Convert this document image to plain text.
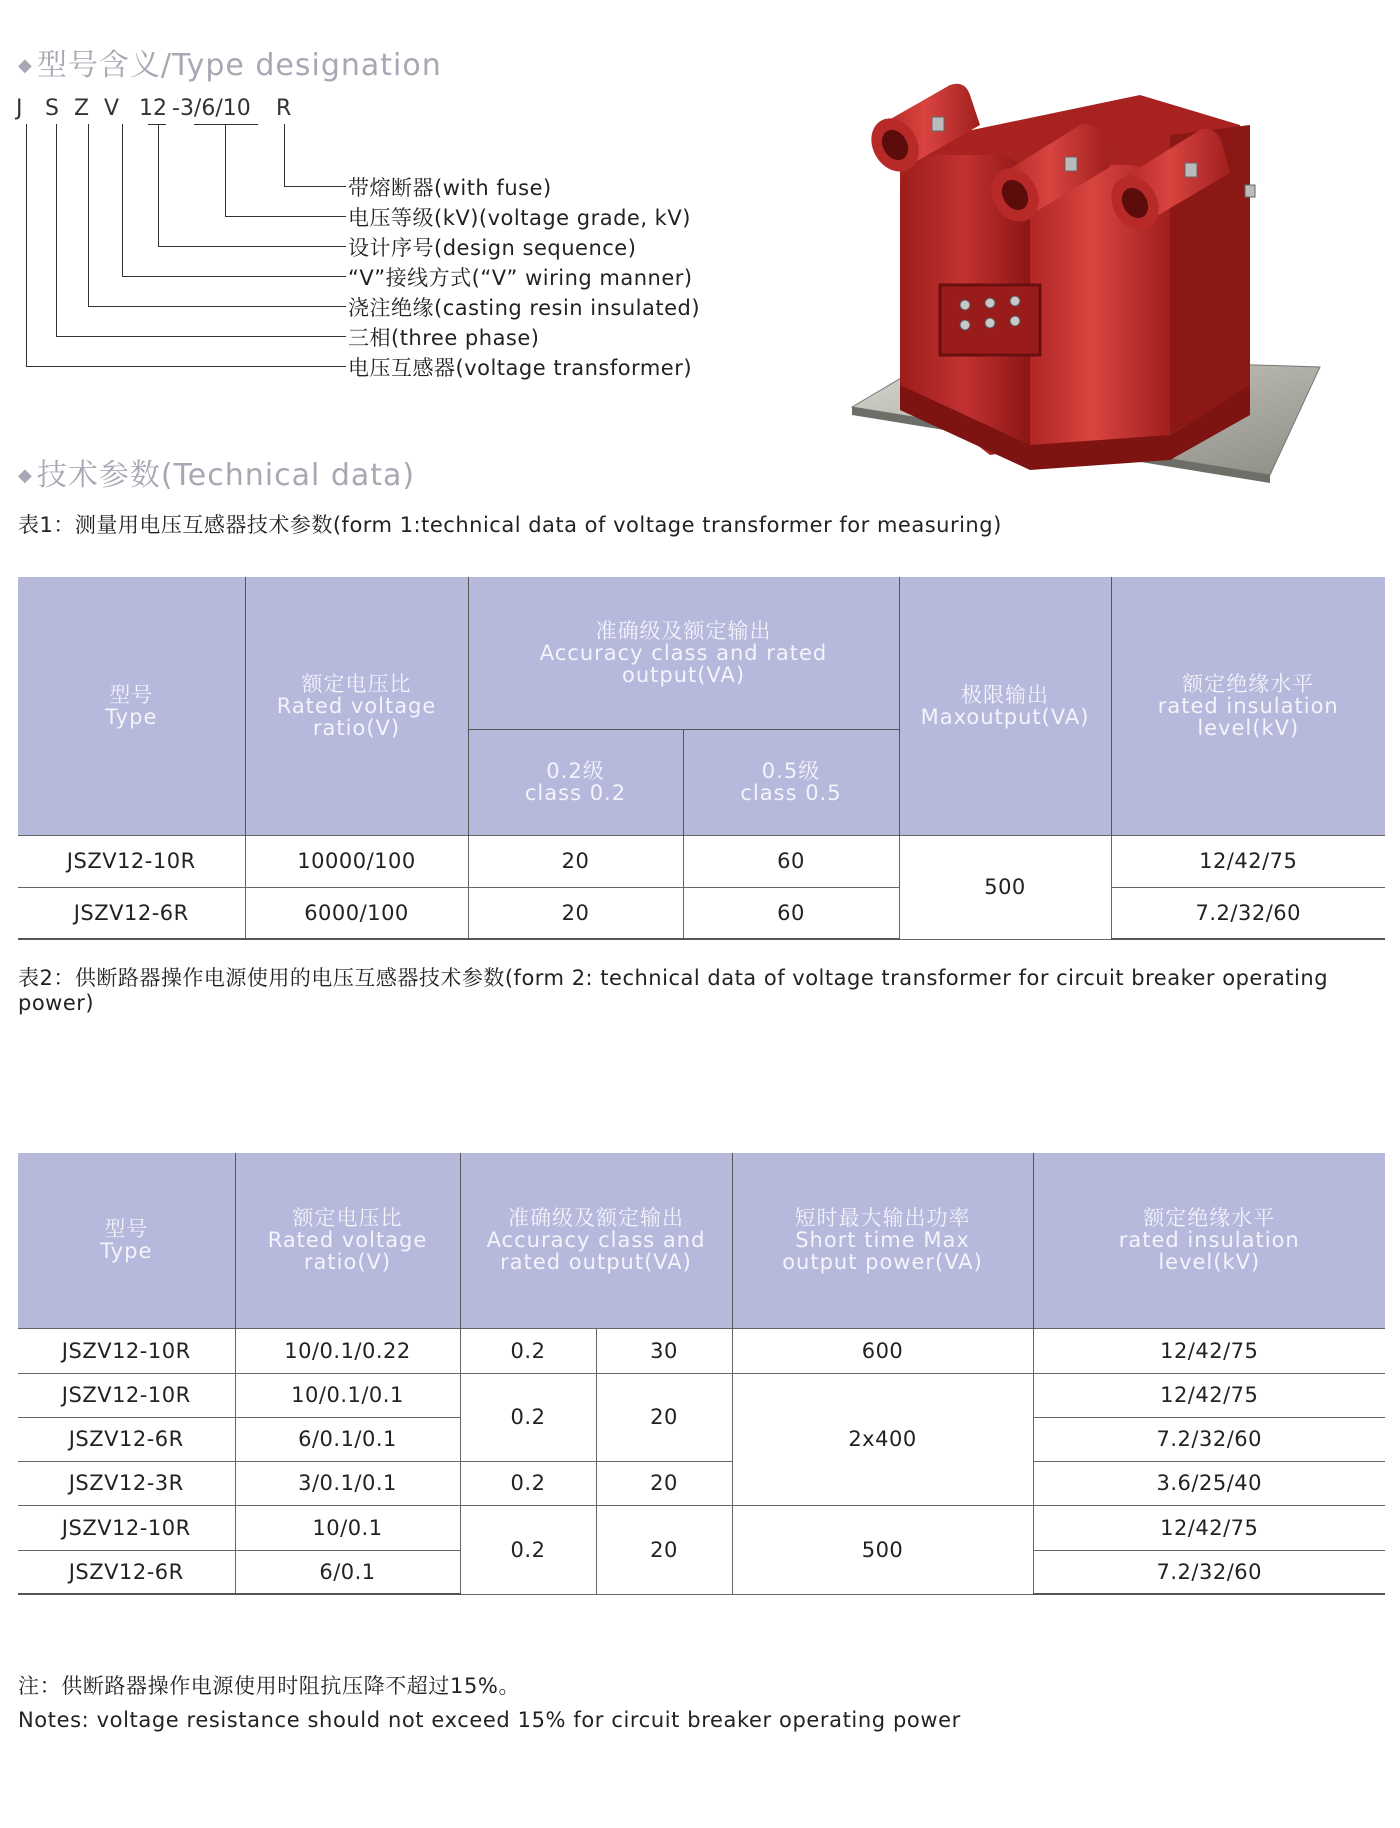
◆ 型号含义/Type designation
J S Z V 12 -3/6/10 R
带熔断器(with fuse)
电压等级(kV)(voltage grade, kV)
设计序号(design sequence)
“V”接线方式(“V” wiring manner)
浇注绝缘(casting resin insulated)
三相(three phase)
电压互感器(voltage transformer)
◆ 技术参数(Technical data)
表1：测量用电压互感器技术参数(form 1:technical data of voltage transformer for measuring)
型号
Type	额定电压比
Rated voltage
ratio(V)	准确级及额定输出
Accuracy class and rated
output(VA)		极限输出
Maxoutput(VA)	额定绝缘水平
rated insulation
level(kV)

		0.2级
class 0.2	0.5级
class 0.5		

JSZV12-10R	10000/100	20	60	500	12/42/75
JSZV12-6R	6000/100	20	60		7.2/32/60
表2：供断路器操作电源使用的电压互感器技术参数(form 2: technical data of voltage transformer for circuit breaker operating power)
型号
Type	额定电压比
Rated voltage
ratio(V)	准确级及额定输出
Accuracy class and
rated output(VA)		短时最大输出功率
Short time Max
output power(VA)	额定绝缘水平
rated insulation
level(kV)

JSZV12-10R	10/0.1/0.22	0.2	30	600	12/42/75
JSZV12-10R	10/0.1/0.1	0.2	20	2x400	12/42/75
JSZV12-6R	6/0.1/0.1				7.2/32/60
JSZV12-3R	3/0.1/0.1	0.2	20		3.6/25/40
JSZV12-10R	10/0.1	0.2	20	500	12/42/75
JSZV12-6R	6/0.1				7.2/32/60
注：供断路器操作电源使用时阻抗压降不超过15%。
Notes: voltage resistance should not exceed 15% for circuit breaker operating power
